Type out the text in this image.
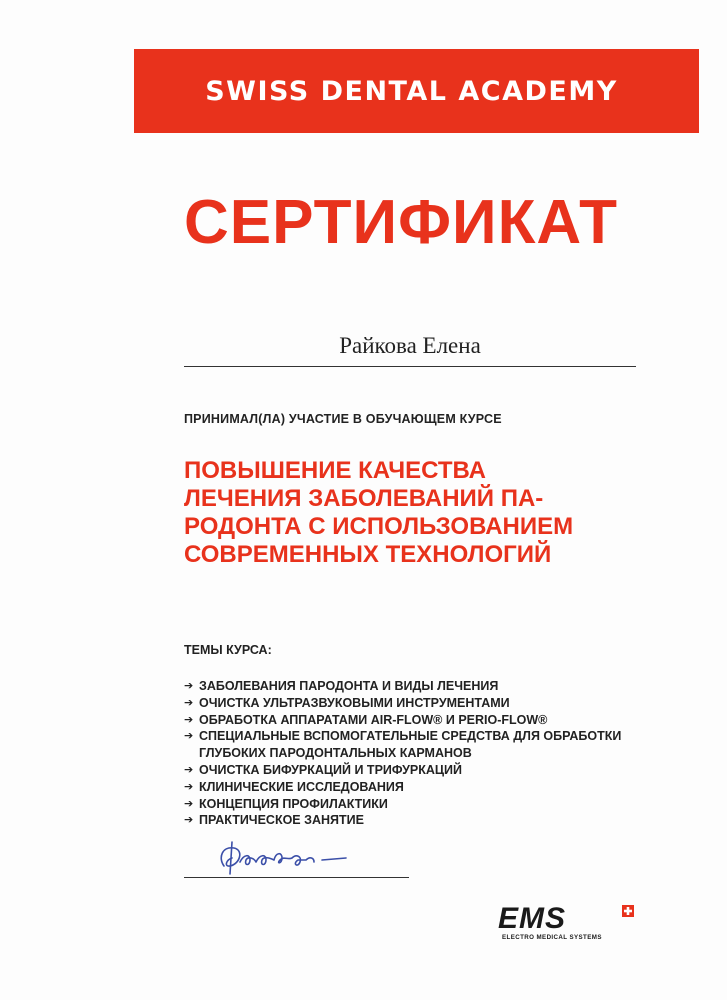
SWISS DENTAL ACADEMY
СЕРТИФИКАТ
Райкова Елена
ПРИНИМАЛ(ЛА) УЧАСТИЕ В ОБУЧАЮЩЕМ КУРСЕ
ПОВЫШЕНИЕ КАЧЕСТВА
ЛЕЧЕНИЯ ЗАБОЛЕВАНИЙ ПА-
РОДОНТА С ИСПОЛЬЗОВАНИЕМ
СОВРЕМЕННЫХ ТЕХНОЛОГИЙ
ТЕМЫ КУРСА:
➔ ЗАБОЛЕВАНИЯ ПАРОДОНТА И ВИДЫ ЛЕЧЕНИЯ
➔ ОЧИСТКА УЛЬТРАЗВУКОВЫМИ ИНСТРУМЕНТАМИ
➔ ОБРАБОТКА АППАРАТАМИ AIR-FLOW® И PERIO-FLOW®
➔ СПЕЦИАЛЬНЫЕ ВСПОМОГАТЕЛЬНЫЕ СРЕДСТВА ДЛЯ ОБРАБОТКИ ГЛУБОКИХ ПАРОДОНТАЛЬНЫХ КАРМАНОВ
➔ ОЧИСТКА БИФУРКАЦИЙ И ТРИФУРКАЦИЙ
➔ КЛИНИЧЕСКИЕ ИССЛЕДОВАНИЯ
➔ КОНЦЕПЦИЯ ПРОФИЛАКТИКИ
➔ ПРАКТИЧЕСКОЕ ЗАНЯТИЕ
EMS
ELECTRO MEDICAL SYSTEMS
